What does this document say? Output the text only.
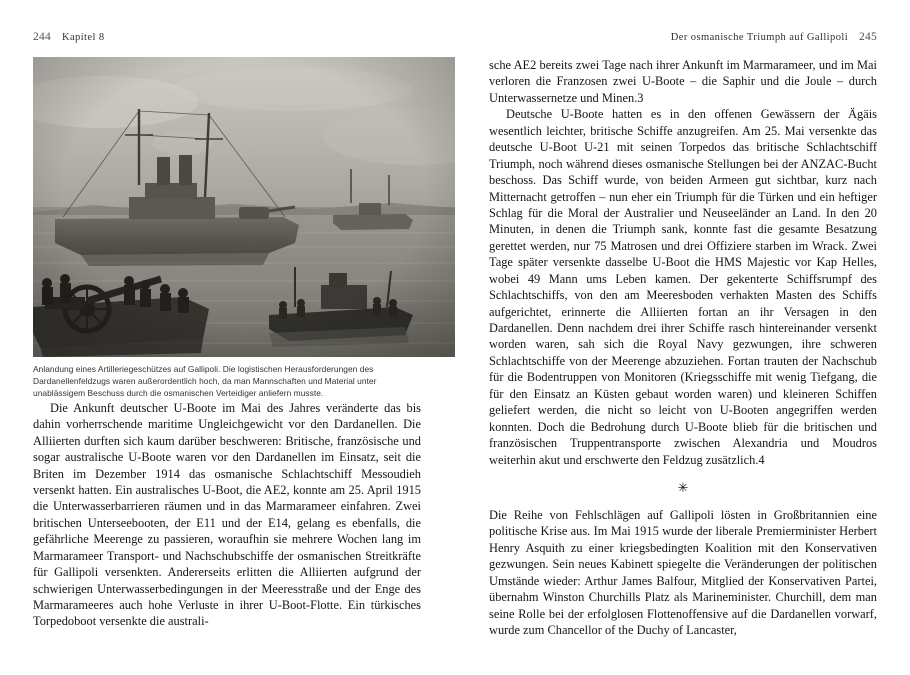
244 Kapitel 8	Der osmanische Triumph auf Gallipoli 245
Anlandung eines Artilleriegeschützes auf Gallipoli. Die logistischen Herausforderungen des Dardanellenfeldzugs waren außerordentlich hoch, da man Mannschaften und Material unter unablässigem Beschuss durch die osmanischen Verteidiger anliefern musste.

Die Ankunft deutscher U-Boote im Mai des Jahres veränderte das bis dahin vorherrschende maritime Ungleichgewicht vor den Dardanellen. Die Alliierten durften sich kaum darüber beschweren: Britische, französische und sogar australische U-Boote waren vor den Dardanellen im Einsatz, seit die Briten im Dezember 1914 das osmanische Schlachtschiff Messoudieh versenkt hatten. Ein australisches U-Boot, die AE2, konnte am 25. April 1915 die Unterwasserbarrieren räumen und in das Marmarameer einfahren. Zwei britischen Unterseebooten, der E11 und der E14, gelang es ebenfalls, die gefährliche Meerenge zu passieren, woraufhin sie mehrere Wochen lang im Marmarameer Transport- und Nachschubschiffe der osmanischen Streitkräfte für Gallipoli versenkten. Andererseits erlitten die Alliierten aufgrund der schwierigen Unterwasserbedingungen in der Meeresstraße und der Enge des Marmarameeres auch hohe Verluste in ihrer U-Boot-Flotte. Ein türkisches Torpedoboot versenkte die australi-

sche AE2 bereits zwei Tage nach ihrer Ankunft im Marmarameer, und im Mai verloren die Franzosen zwei U-Boote – die Saphir und die Joule – durch Unterwassernetze und Minen.3

Deutsche U-Boote hatten es in den offenen Gewässern der Ägäis wesentlich leichter, britische Schiffe anzugreifen. Am 25. Mai versenkte das deutsche U-Boot U-21 mit seinen Torpedos das britische Schlachtschiff Triumph, noch während dieses osmanische Stellungen bei der ANZAC-Bucht beschoss. Das Schiff wurde, von beiden Armeen gut sichtbar, kurz nach Mitternacht getroffen – nun eher ein Triumph für die Türken und ein heftiger Schlag für die Moral der Australier und Neuseeländer an Land. In den 20 Minuten, in denen die Triumph sank, konnte fast die gesamte Besatzung gerettet werden, nur 75 Matrosen und drei Offiziere starben im Wrack. Zwei Tage später versenkte dasselbe U-Boot die HMS Majestic vor Kap Helles, wobei 49 Mann ums Leben kamen. Der gekenterte Schiffsrumpf des Schlachtschiffs, von den am Meeresboden verhakten Masten des Schiffs aufgerichtet, erinnerte die Alliierten fortan an ihr Versagen in den Dardanellen. Denn nachdem drei ihrer Schiffe rasch hintereinander versenkt worden waren, sah sich die Royal Navy gezwungen, ihre schweren Schlachtschiffe von der Meerenge abzuziehen. Fortan trauten der Nachschub für die Bodentruppen von Monitoren (Kriegsschiffe mit wenig Tiefgang, die für den Einsatz an Küsten gebaut worden waren) und kleineren Schiffen geliefert werden, die nicht so leicht von U-Booten angegriffen werden konnten. Doch die Bedrohung durch U-Boote blieb für die britischen und französischen Truppentransporte zwischen Alexandria und Moudros weiterhin akut und erschwerte den Feldzug zusätzlich.4

✳

Die Reihe von Fehlschlägen auf Gallipoli lösten in Großbritannien eine politische Krise aus. Im Mai 1915 wurde der liberale Premierminister Herbert Henry Asquith zu einer kriegsbedingten Koalition mit den Konservativen gezwungen. Sein neues Kabinett spiegelte die Veränderungen der politischen Umstände wieder: Arthur James Balfour, Mitglied der Konservativen Partei, übernahm Winston Churchills Platz als Marineminister. Churchill, dem man seine Rolle bei der erfolglosen Flottenoffensive auf die Dardanellen vorwarf, wurde zum Chancellor of the Duchy of Lancaster,
